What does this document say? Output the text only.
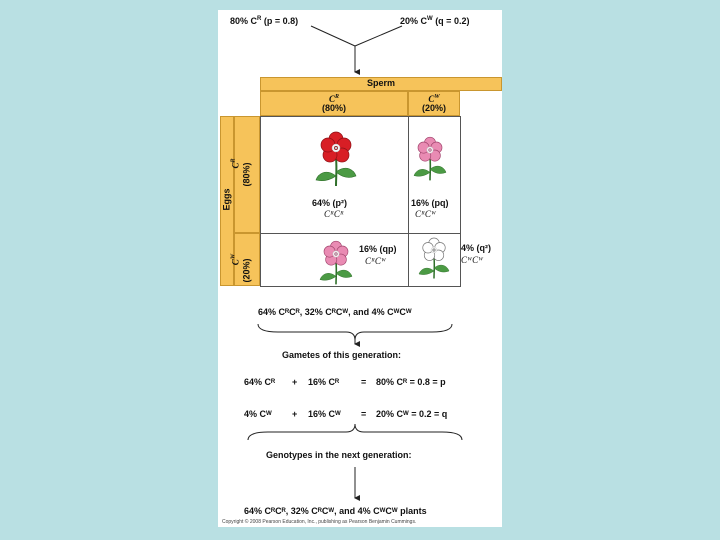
80% $C^R$ (p = 0.8)	20% $C^W$ (q = 0.2)
Sperm
$C^R$
(80%)
$C^W$
(20%)
Eggs
$C^R$
(80%)
$C^W$
(20%)
64% (p²)
CᴿCᴿ
16% (pq)
CᴿCᵂ
16% (qp)
CᴿCᵂ
4% (q²)
CᵂCᵂ
64% CᴿCᴿ, 32% CᴿCᵂ, and 4% CᵂCᵂ
Gametes of this generation:
64% Cᴿ + 16% Cᴿ = 80% Cᴿ = 0.8 = p
4% Cᵂ + 16% Cᵂ = 20% Cᵂ = 0.2 = q
Genotypes in the next generation:
64% CᴿCᴿ, 32% CᴿCᵂ, and 4% CᵂCᵂ plants
Copyright © 2008 Pearson Education, Inc., publishing as Pearson Benjamin Cummings.
